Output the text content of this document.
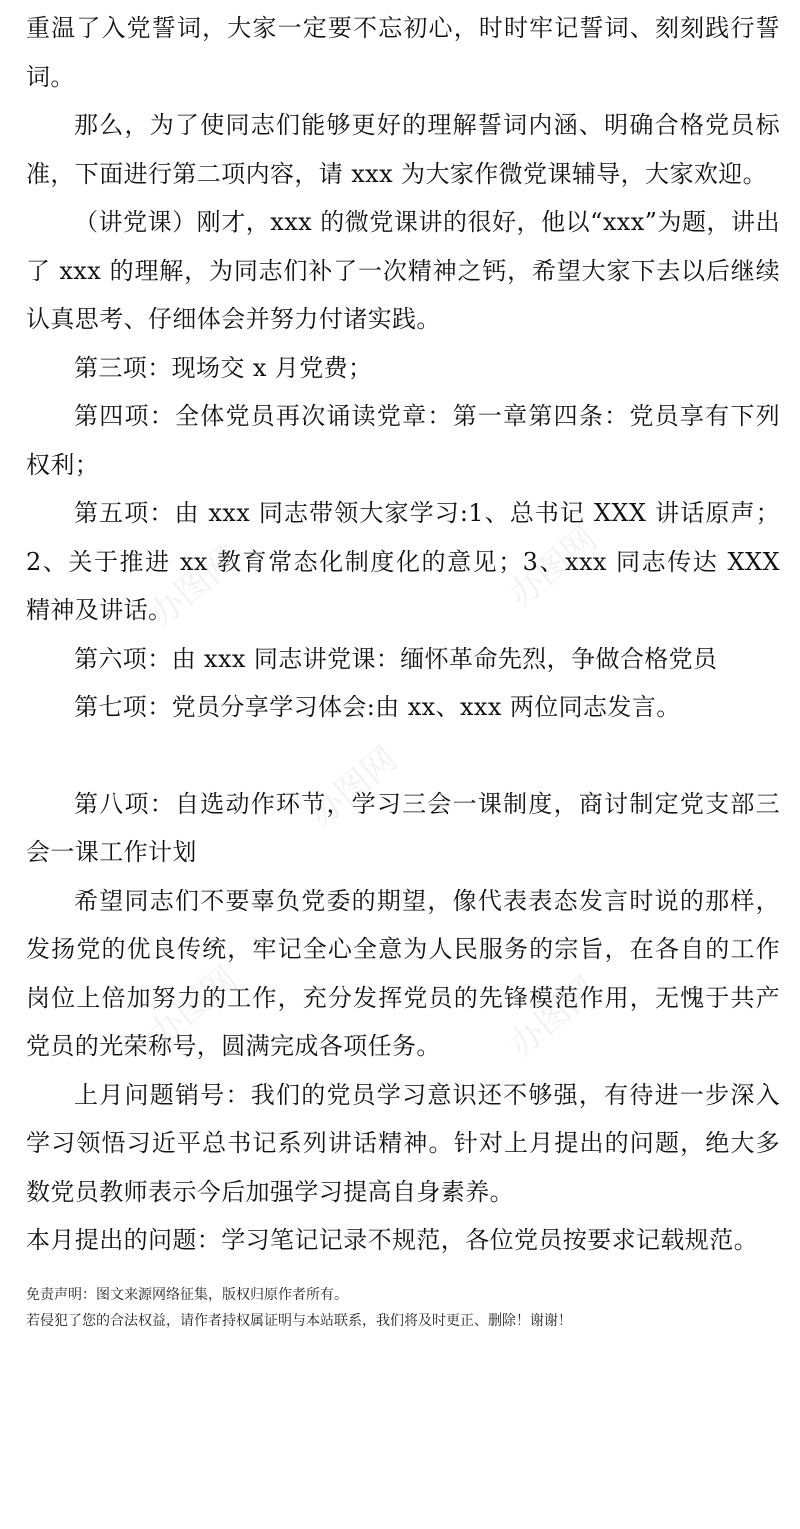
重温了入党誓词，大家一定要不忘初心，时时牢记誓词、刻刻践行誓词。

那么，为了使同志们能够更好的理解誓词内涵、明确合格党员标准，下面进行第二项内容，请 xxx 为大家作微党课辅导，大家欢迎。

（讲党课）刚才，xxx 的微党课讲的很好，他以“xxx”为题，讲出了 xxx 的理解，为同志们补了一次精神之钙，希望大家下去以后继续认真思考、仔细体会并努力付诸实践。

第三项：现场交 x 月党费；

第四项：全体党员再次诵读党章：第一章第四条：党员享有下列权利；

第五项：由 xxx 同志带领大家学习:1、总书记 XXX 讲话原声；2、关于推进 xx 教育常态化制度化的意见；3、xxx 同志传达 XXX 精神及讲话。

第六项：由 xxx 同志讲党课：缅怀革命先烈，争做合格党员

第七项：党员分享学习体会:由 xx、xxx 两位同志发言。

第八项：自选动作环节，学习三会一课制度，商讨制定党支部三会一课工作计划

希望同志们不要辜负党委的期望，像代表表态发言时说的那样，发扬党的优良传统，牢记全心全意为人民服务的宗旨，在各自的工作岗位上倍加努力的工作，充分发挥党员的先锋模范作用，无愧于共产党员的光荣称号，圆满完成各项任务。

上月问题销号：我们的党员学习意识还不够强，有待进一步深入学习领悟习近平总书记系列讲话精神。针对上月提出的问题，绝大多数党员教师表示今后加强学习提高自身素养。

本月提出的问题：学习笔记记录不规范，各位党员按要求记载规范。

免责声明：图文来源网络征集，版权归原作者所有。
若侵犯了您的合法权益，请作者持权属证明与本站联系，我们将及时更正、删除！谢谢！
办图网	办图网
办图网
办图网	办图网
